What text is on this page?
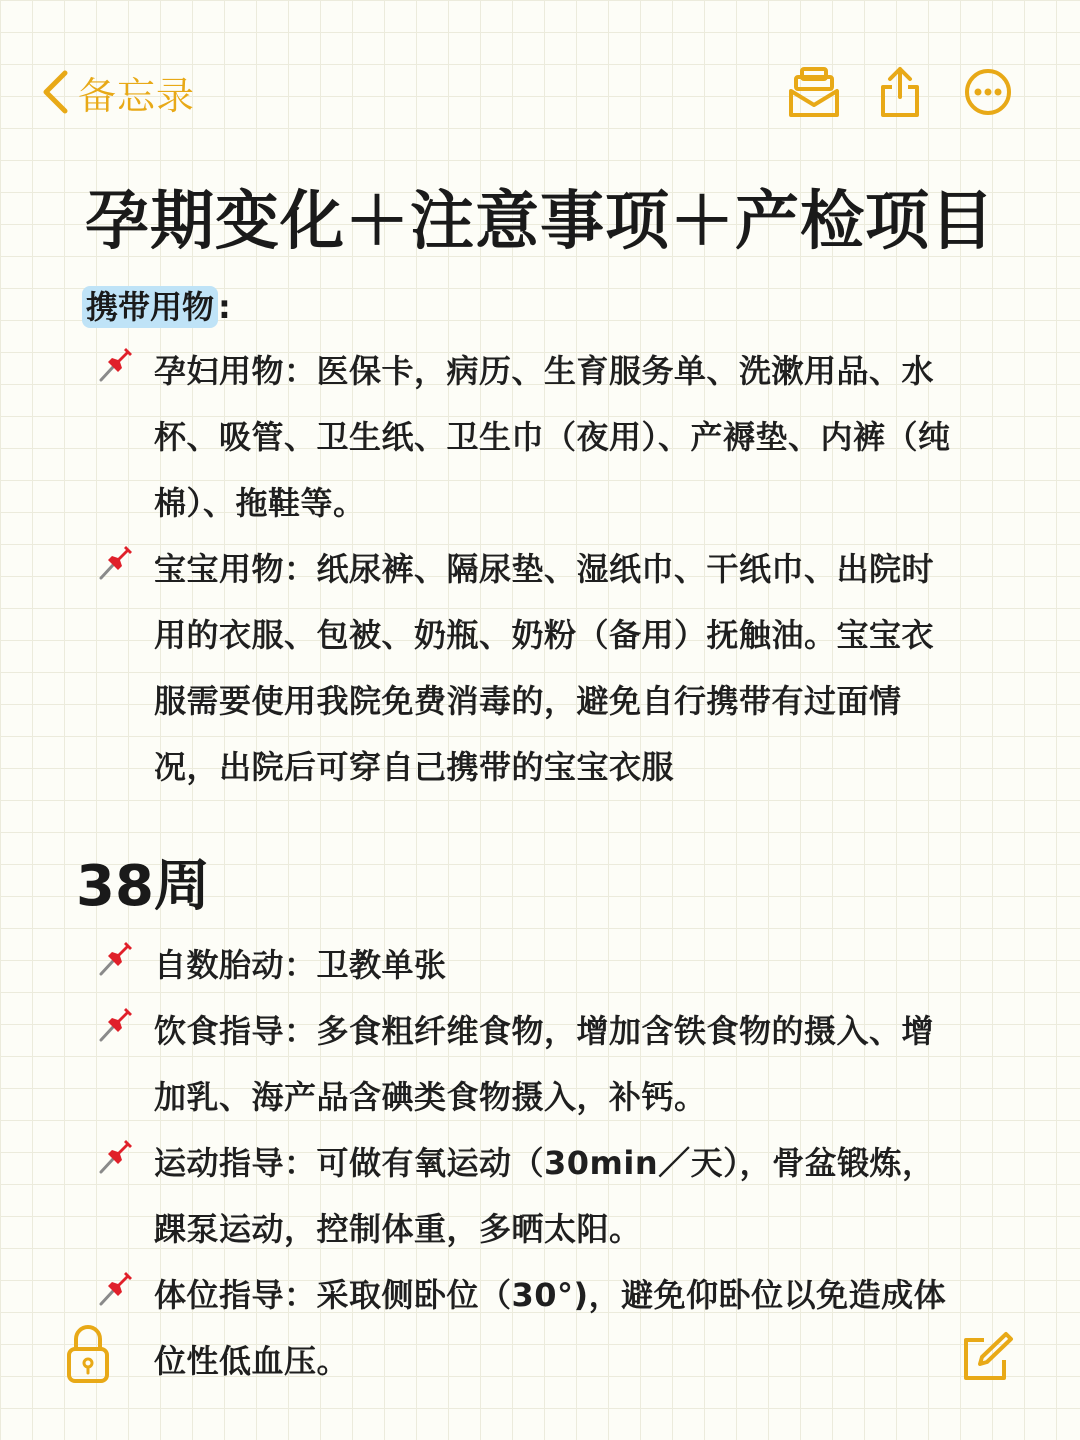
备忘录
孕期变化＋注意事项＋产检项目
携带用物 :
孕妇用物：医保卡，病历、生育服务单、洗漱用品、水杯、吸管、卫生纸、卫生巾（夜用）、产褥垫、内裤（纯棉）、拖鞋等。
宝宝用物：纸尿裤、隔尿垫、湿纸巾、干纸巾、出院时用的衣服、包被、奶瓶、奶粉（备用）抚触油。宝宝衣服需要使用我院免费消毒的，避免自行携带有过面情况，出院后可穿自己携带的宝宝衣服
38周
自数胎动：卫教单张
饮食指导：多食粗纤维食物，增加含铁食物的摄入、增加乳、海产品含碘类食物摄入，补钙。
运动指导：可做有氧运动（30min／天），骨盆锻炼，踝泵运动，控制体重，多晒太阳。
体位指导：采取侧卧位（30°)，避免仰卧位以免造成体位性低血压。
